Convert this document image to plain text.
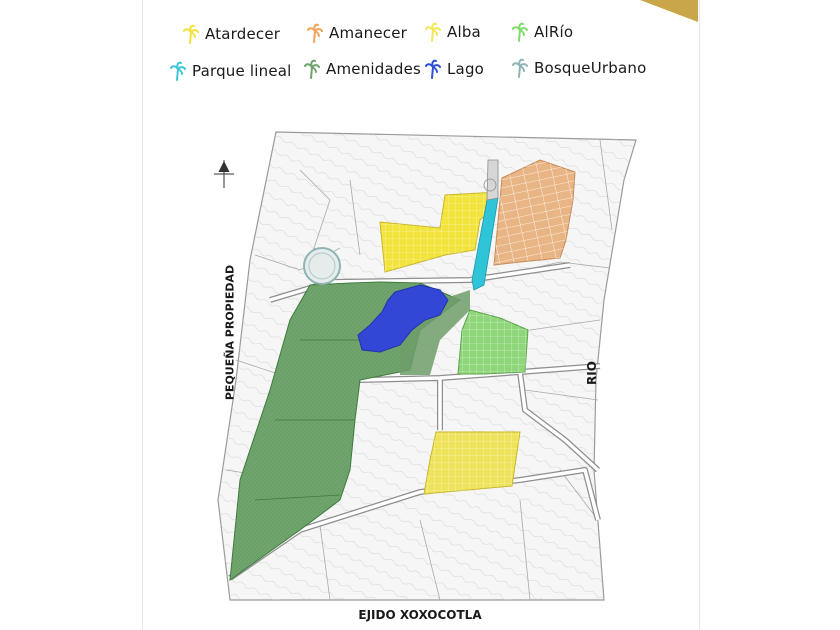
Atardecer	Amanecer	Alba	AlRío
Parque lineal Amenidades Lago	BosqueUrbano
PEQUEÑA PROPIEDAD	RIO
EJIDO XOXOCOTLA
